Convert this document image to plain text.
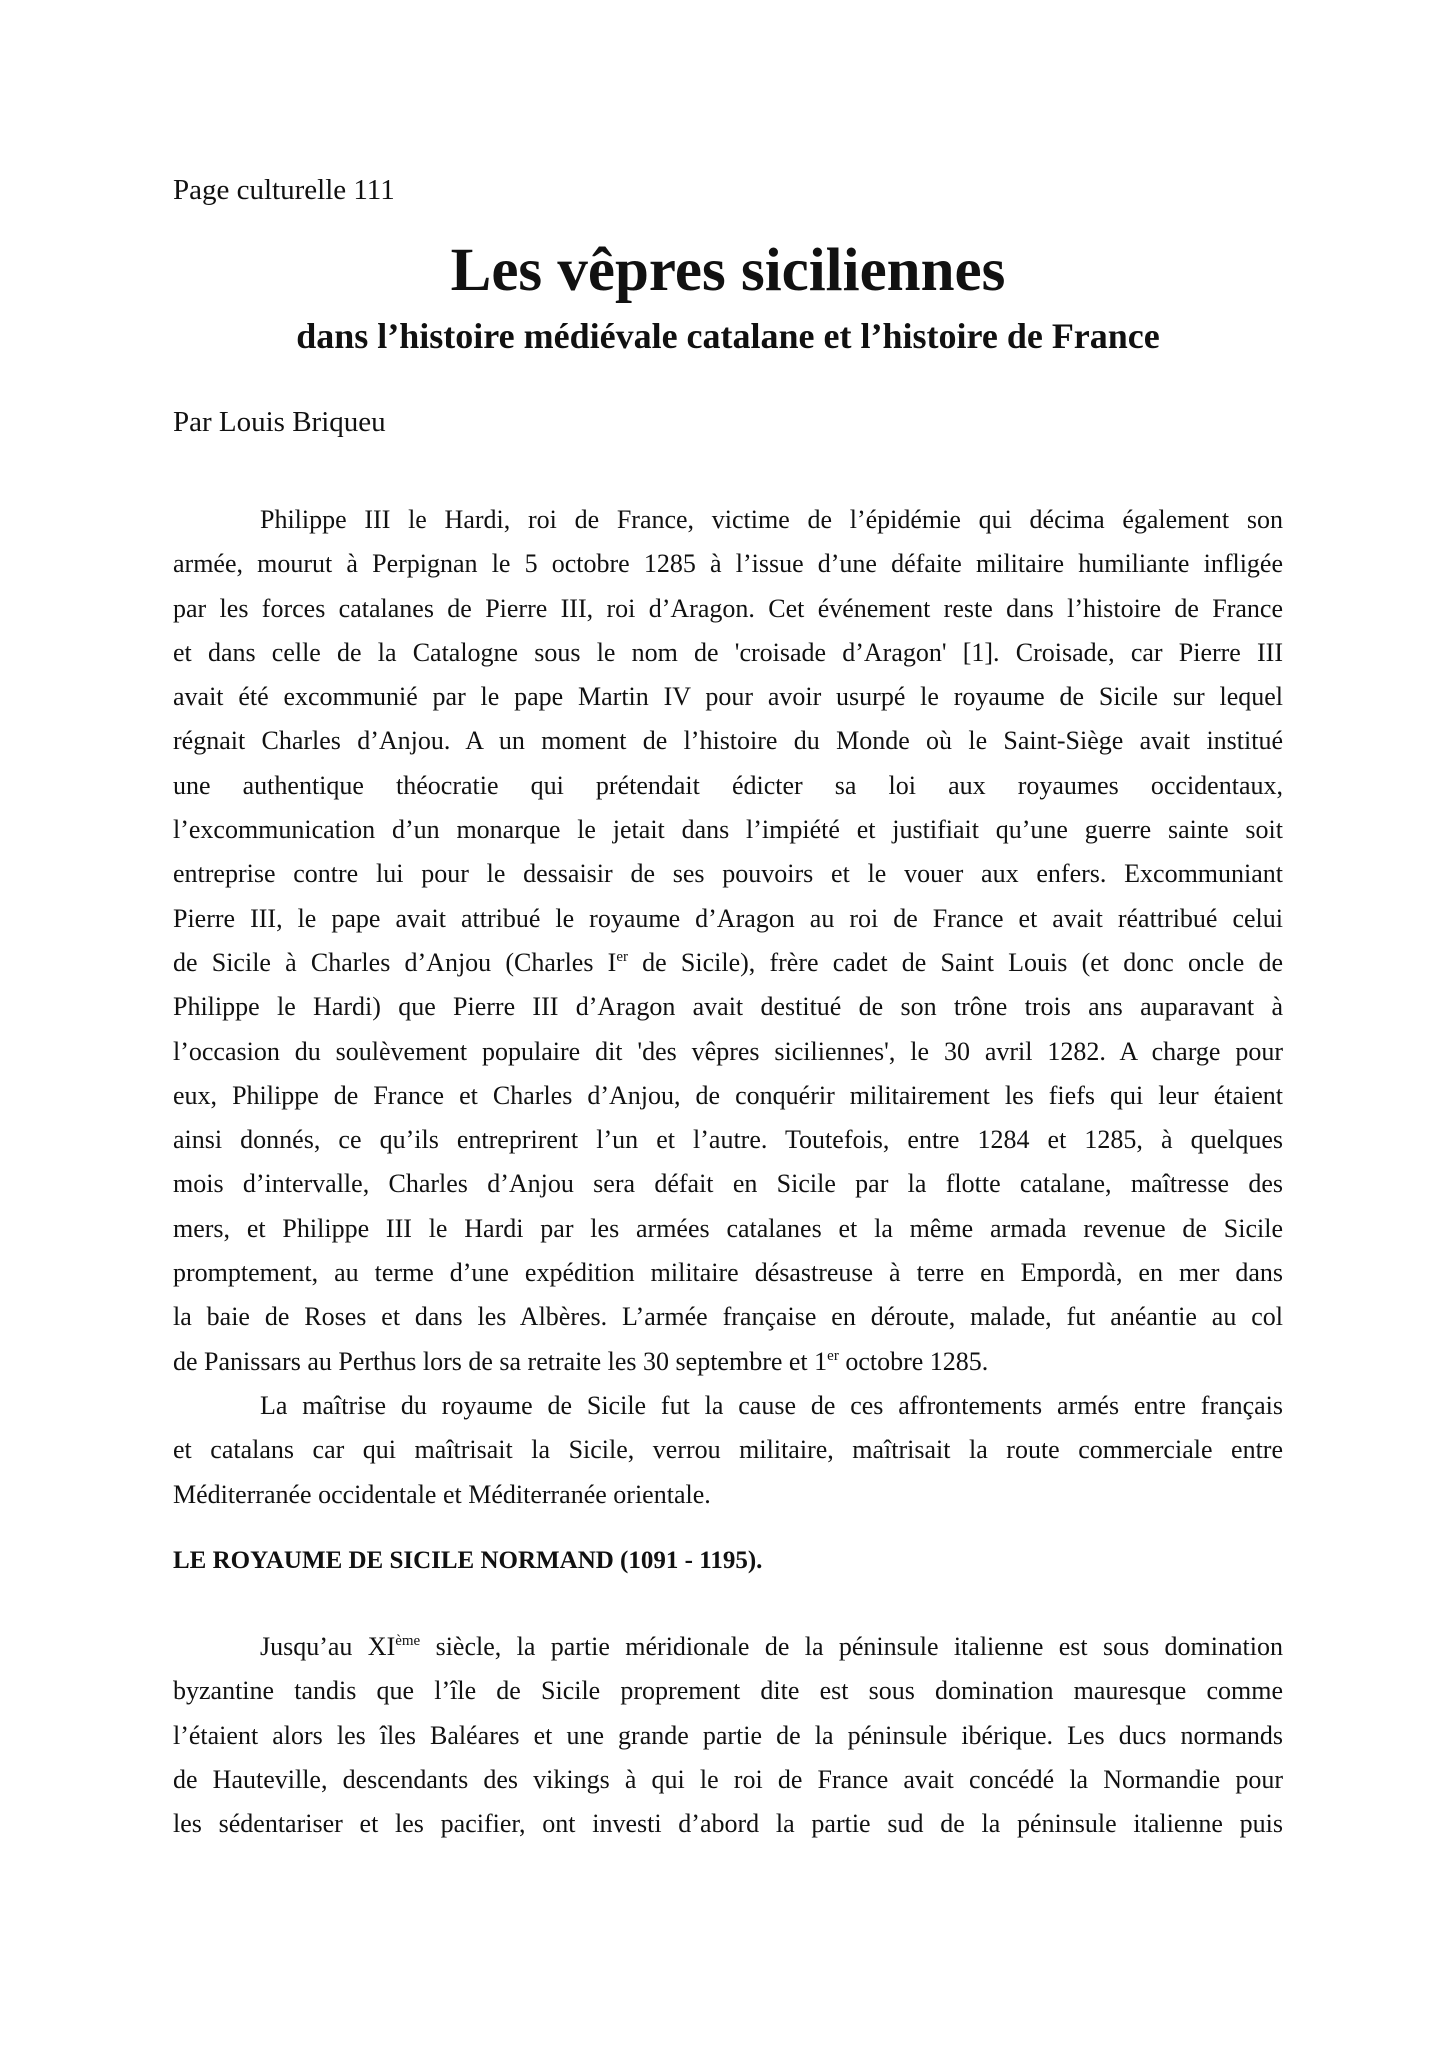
Page culturelle 111
Les vêpres siciliennes
dans l’histoire médiévale catalane et l’histoire de France
Par Louis Briqueu
Philippe III le Hardi, roi de France, victime de l’épidémie qui décima également son
armée, mourut à Perpignan le 5 octobre 1285 à l’issue d’une défaite militaire humiliante infligée
par les forces catalanes de Pierre III, roi d’Aragon. Cet événement reste dans l’histoire de France
et dans celle de la Catalogne sous le nom de 'croisade d’Aragon' [1]. Croisade, car Pierre III
avait été excommunié par le pape Martin IV pour avoir usurpé le royaume de Sicile sur lequel
régnait Charles d’Anjou. A un moment de l’histoire du Monde où le Saint-Siège avait institué
une authentique théocratie qui prétendait édicter sa loi aux royaumes occidentaux,
l’excommunication d’un monarque le jetait dans l’impiété et justifiait qu’une guerre sainte soit
entreprise contre lui pour le dessaisir de ses pouvoirs et le vouer aux enfers. Excommuniant
Pierre III, le pape avait attribué le royaume d’Aragon au roi de France et avait réattribué celui
de Sicile à Charles d’Anjou (Charles Ier de Sicile), frère cadet de Saint Louis (et donc oncle de
Philippe le Hardi) que Pierre III d’Aragon avait destitué de son trône trois ans auparavant à
l’occasion du soulèvement populaire dit 'des vêpres siciliennes', le 30 avril 1282. A charge pour
eux, Philippe de France et Charles d’Anjou, de conquérir militairement les fiefs qui leur étaient
ainsi donnés, ce qu’ils entreprirent l’un et l’autre. Toutefois, entre 1284 et 1285, à quelques
mois d’intervalle, Charles d’Anjou sera défait en Sicile par la flotte catalane, maîtresse des
mers, et Philippe III le Hardi par les armées catalanes et la même armada revenue de Sicile
promptement, au terme d’une expédition militaire désastreuse à terre en Empordà, en mer dans
la baie de Roses et dans les Albères. L’armée française en déroute, malade, fut anéantie au col
de Panissars au Perthus lors de sa retraite les 30 septembre et 1er octobre 1285.
La maîtrise du royaume de Sicile fut la cause de ces affrontements armés entre français
et catalans car qui maîtrisait la Sicile, verrou militaire, maîtrisait la route commerciale entre
Méditerranée occidentale et Méditerranée orientale.
LE ROYAUME DE SICILE NORMAND (1091 - 1195).
Jusqu’au XIème siècle, la partie méridionale de la péninsule italienne est sous domination
byzantine tandis que l’île de Sicile proprement dite est sous domination mauresque comme
l’étaient alors les îles Baléares et une grande partie de la péninsule ibérique. Les ducs normands
de Hauteville, descendants des vikings à qui le roi de France avait concédé la Normandie pour
les sédentariser et les pacifier, ont investi d’abord la partie sud de la péninsule italienne puis
